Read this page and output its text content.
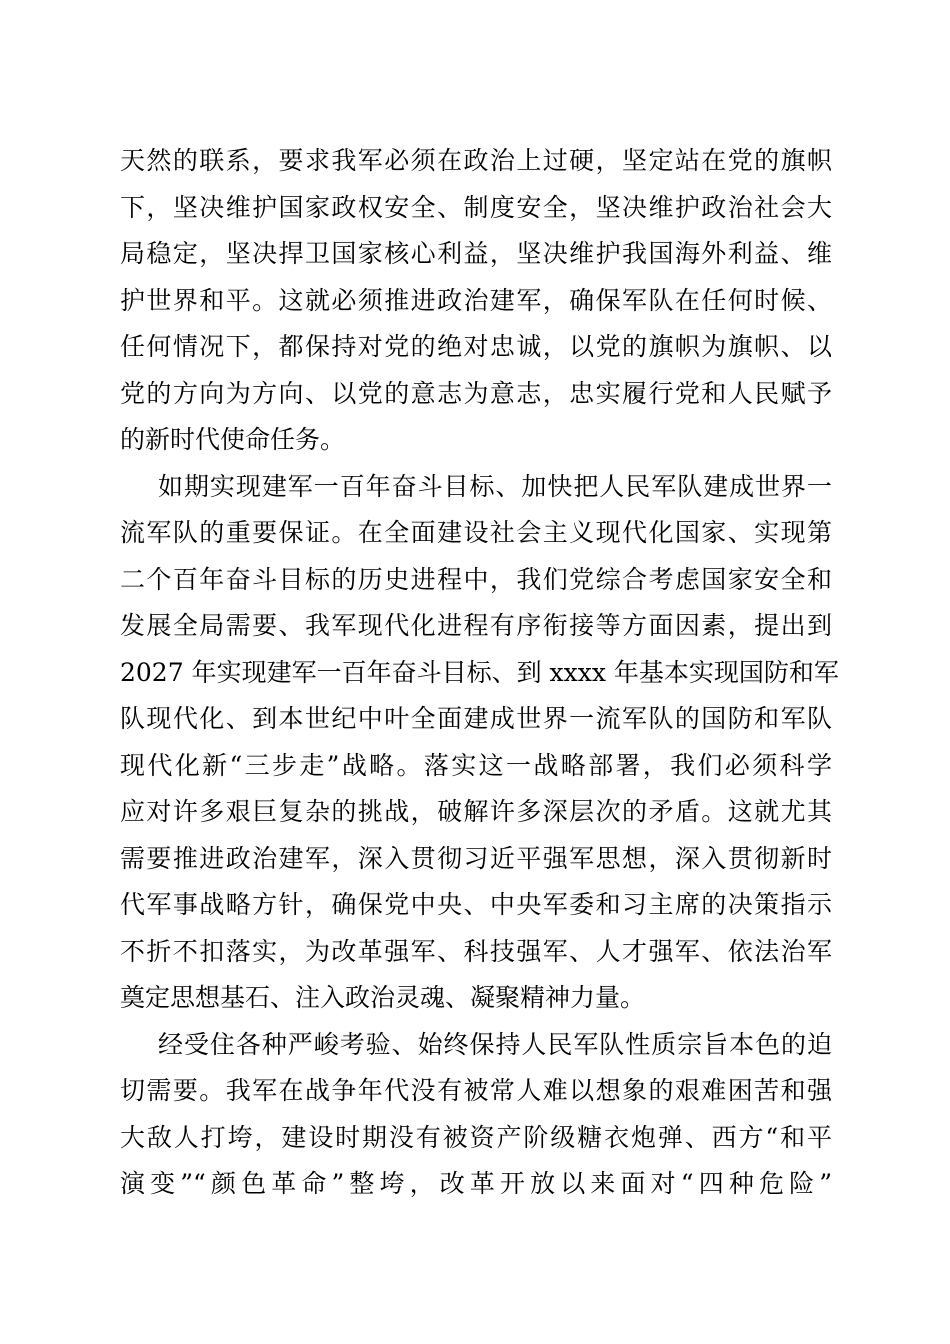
天然的联系，要求我军必须在政治上过硬，坚定站在党的旗帜
下，坚决维护国家政权安全、制度安全，坚决维护政治社会大
局稳定，坚决捍卫国家核心利益，坚决维护我国海外利益、维
护世界和平。这就必须推进政治建军，确保军队在任何时候、
任何情况下，都保持对党的绝对忠诚，以党的旗帜为旗帜、以
党的方向为方向、以党的意志为意志，忠实履行党和人民赋予
的新时代使命任务。
如期实现建军一百年奋斗目标、加快把人民军队建成世界一
流军队的重要保证。在全面建设社会主义现代化国家、实现第
二个百年奋斗目标的历史进程中，我们党综合考虑国家安全和
发展全局需要、我军现代化进程有序衔接等方面因素，提出到
2027 年实现建军一百年奋斗目标、到 xxxx 年基本实现国防和军
队现代化、到本世纪中叶全面建成世界一流军队的国防和军队
现代化新“三步走”战略。落实这一战略部署，我们必须科学
应对许多艰巨复杂的挑战，破解许多深层次的矛盾。这就尤其
需要推进政治建军，深入贯彻习近平强军思想，深入贯彻新时
代军事战略方针，确保党中央、中央军委和习主席的决策指示
不折不扣落实，为改革强军、科技强军、人才强军、依法治军
奠定思想基石、注入政治灵魂、凝聚精神力量。
经受住各种严峻考验、始终保持人民军队性质宗旨本色的迫
切需要。我军在战争年代没有被常人难以想象的艰难困苦和强
大敌人打垮，建设时期没有被资产阶级糖衣炮弹、西方“和平
演变”“颜色革命”整垮，改革开放以来面对“四种危险”
